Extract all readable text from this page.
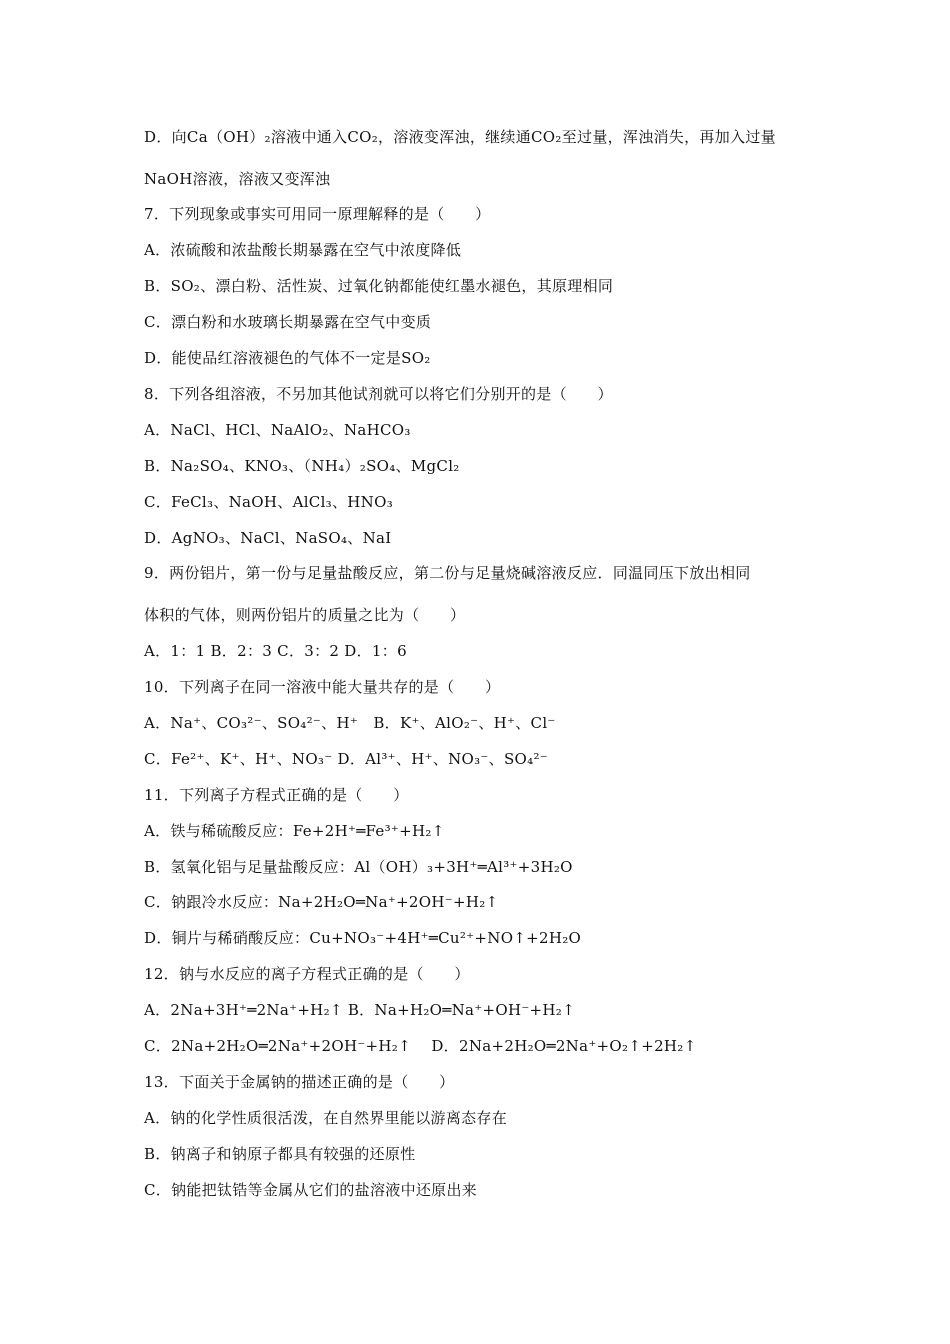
D．向Ca（OH）₂溶液中通入CO₂，溶液变浑浊，继续通CO₂至过量，浑浊消失，再加入过量
NaOH溶液，溶液又变浑浊
7．下列现象或事实可用同一原理解释的是（　　）
A．浓硫酸和浓盐酸长期暴露在空气中浓度降低
B．SO₂、漂白粉、活性炭、过氧化钠都能使红墨水褪色，其原理相同
C．漂白粉和水玻璃长期暴露在空气中变质
D．能使品红溶液褪色的气体不一定是SO₂
8．下列各组溶液，不另加其他试剂就可以将它们分别开的是（　　）
A．NaCl、HCl、NaAlO₂、NaHCO₃
B．Na₂SO₄、KNO₃、（NH₄）₂SO₄、MgCl₂
C．FeCl₃、NaOH、AlCl₃、HNO₃
D．AgNO₃、NaCl、NaSO₄、NaI
9．两份铝片，第一份与足量盐酸反应，第二份与足量烧碱溶液反应．同温同压下放出相同
体积的气体，则两份铝片的质量之比为（　　）
A．1：1 B．2：3 C．3：2 D．1：6
10．下列离子在同一溶液中能大量共存的是（　　）
A．Na⁺、CO₃²⁻、SO₄²⁻、H⁺　B．K⁺、AlO₂⁻、H⁺、Cl⁻
C．Fe²⁺、K⁺、H⁺、NO₃⁻ D．Al³⁺、H⁺、NO₃⁻、SO₄²⁻
11．下列离子方程式正确的是（　　）
A．铁与稀硫酸反应：Fe+2H⁺═Fe³⁺+H₂↑
B．氢氧化铝与足量盐酸反应：Al（OH）₃+3H⁺═Al³⁺+3H₂O
C．钠跟冷水反应：Na+2H₂O═Na⁺+2OH⁻+H₂↑
D．铜片与稀硝酸反应：Cu+NO₃⁻+4H⁺═Cu²⁺+NO↑+2H₂O
12．钠与水反应的离子方程式正确的是（　　）
A．2Na+3H⁺═2Na⁺+H₂↑ B．Na+H₂O═Na⁺+OH⁻+H₂↑
C．2Na+2H₂O═2Na⁺+2OH⁻+H₂↑　 D．2Na+2H₂O═2Na⁺+O₂↑+2H₂↑
13．下面关于金属钠的描述正确的是（　　）
A．钠的化学性质很活泼，在自然界里能以游离态存在
B．钠离子和钠原子都具有较强的还原性
C．钠能把钛锆等金属从它们的盐溶液中还原出来
